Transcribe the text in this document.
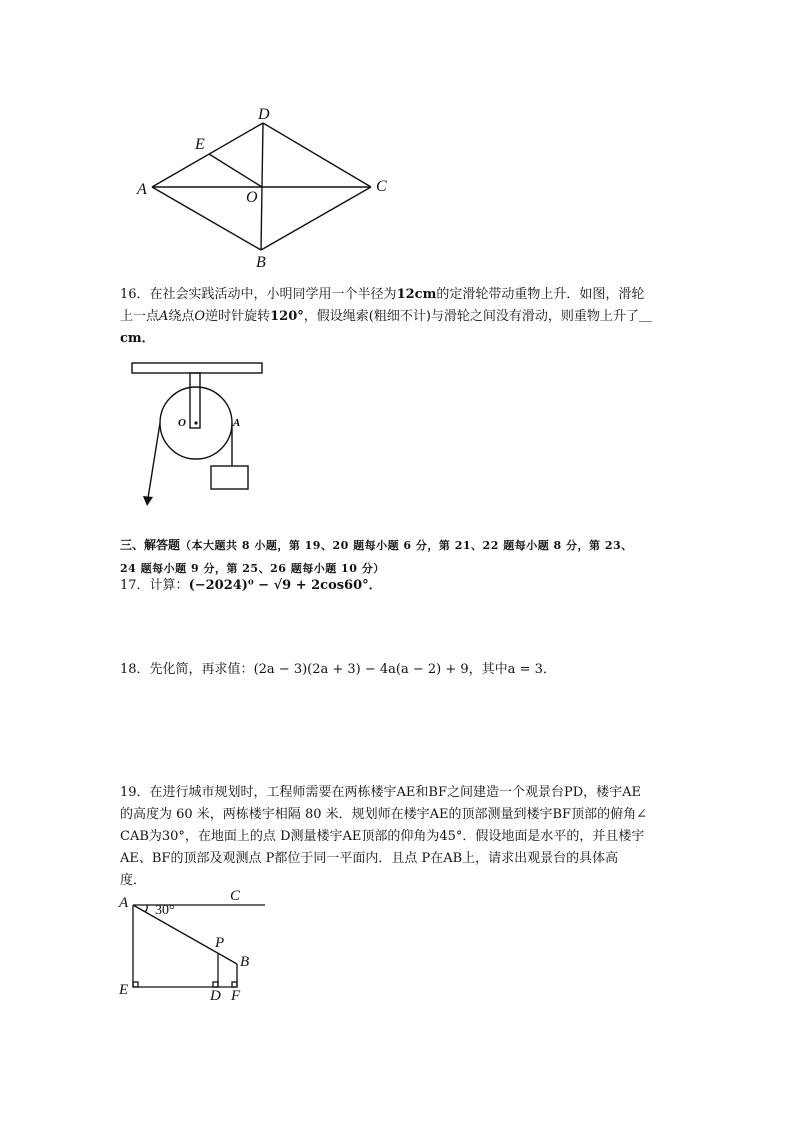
D
E
A	O
C
B
16．在社会实践活动中，小明同学用一个半径为12cm的定滑轮带动重物上升．如图，滑轮
上一点A绕点O逆时针旋转120°，假设绳索(粗细不计)与滑轮之间没有滑动，则重物上升了＿
cm．
O	A
三、解答题（本大题共 8 小题，第 19、20 题每小题 6 分，第 21、22 题每小题 8 分，第 23、
24 题每小题 9 分，第 25、26 题每小题 10 分）
17．计算：(−2024)⁰ − √9 + 2cos60°．
18．先化简，再求值：(2a − 3)(2a + 3) − 4a(a − 2) + 9，其中a = 3．
19．在进行城市规划时，工程师需要在两栋楼宇AE和BF之间建造一个观景台PD，楼宇AE
的高度为 60 米，两栋楼宇相隔 80 米．规划师在楼宇AE的顶部测量到楼宇BF顶部的俯角∠
CAB为30°，在地面上的点 D测量楼宇AE顶部的仰角为45°．假设地面是水平的，并且楼宇
AE、BF的顶部及观测点 P都位于同一平面内．且点 P在AB上，请求出观景台的具体高
度．
A 30°
C
P
B
E	D F
